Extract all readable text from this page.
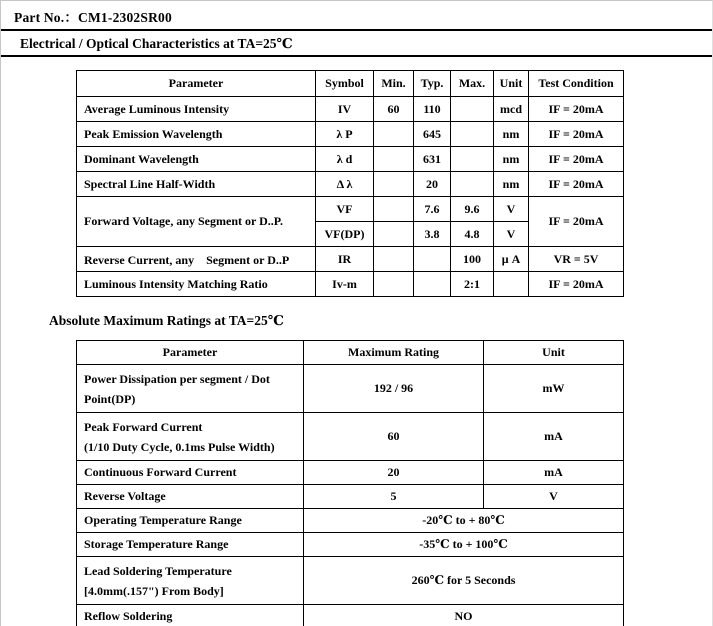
Part No.：CM1-2302SR00
Electrical / Optical Characteristics at TA=25℃
Parameter	Symbol	Min.	Typ.	Max.	Unit	Test Condition
Average Luminous Intensity	IV	60	110		mcd	IF = 20mA
Peak Emission Wavelength	λ P		645		nm	IF = 20mA
Dominant Wavelength	λ d		631		nm	IF = 20mA
Spectral Line Half-Width	Δ λ		20		nm	IF = 20mA
Forward Voltage, any Segment or D..P.	VF		7.6	9.6	V	IF = 20mA
	VF(DP)		3.8	4.8	V	
Reverse Current, any　Segment or D..P	IR			100	μ A	VR = 5V
Luminous Intensity Matching Ratio	Iv-m			2:1		IF = 20mA
Absolute Maximum Ratings at TA=25℃
Parameter	Maximum Rating	Unit

Power Dissipation per segment / Dot
Point(DP)	192 / 96	mW

Peak Forward Current
(1/10 Duty Cycle, 0.1ms Pulse Width)	60	mA
Continuous Forward Current	20	mA
Reverse Voltage	5	V
Operating Temperature Range	-20℃ to + 80℃	
Storage Temperature Range	-35℃ to + 100℃	

Lead Soldering Temperature
[4.0mm(.157") From Body]	260℃ for 5 Seconds	
Reflow Soldering	NO	
